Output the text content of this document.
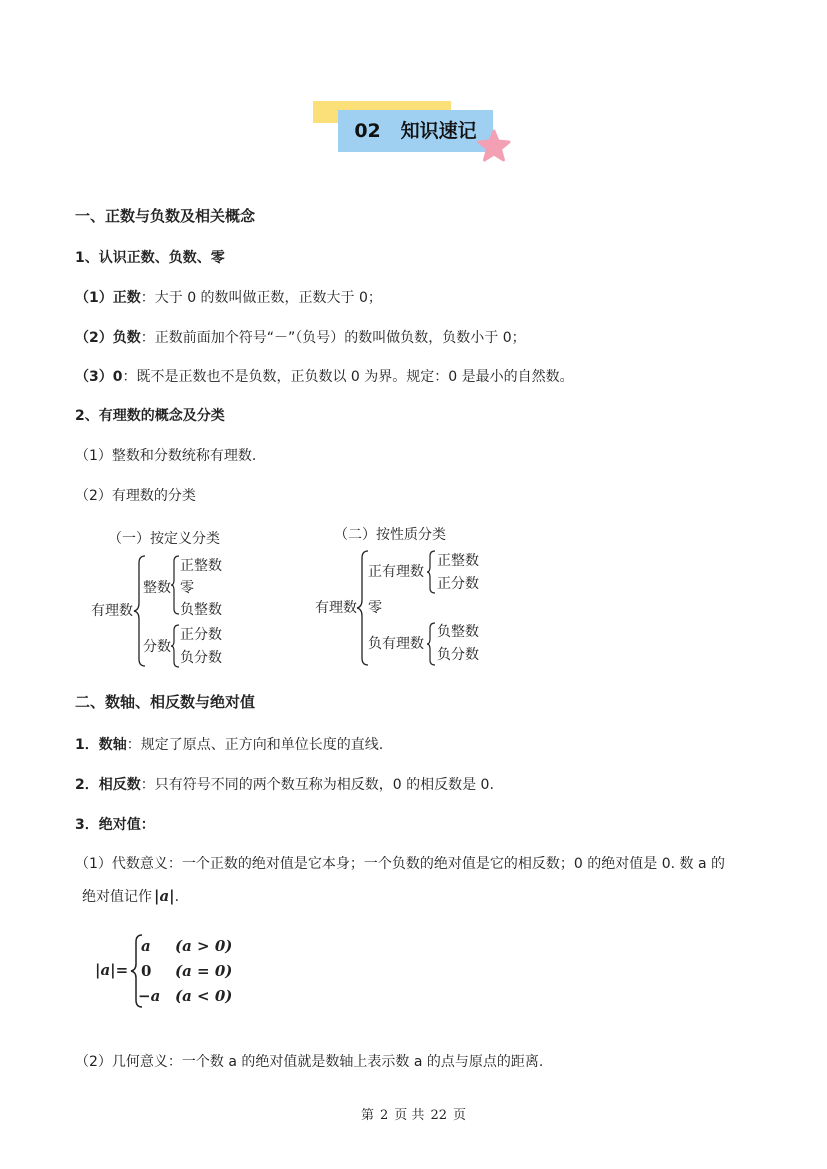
02 知识速记
一、正数与负数及相关概念
1、认识正数、负数、零
（1）正数：大于 0 的数叫做正数，正数大于 0；
（2）负数：正数前面加个符号“－”（负号）的数叫做负数，负数小于 0；
（3）0：既不是正数也不是负数，正负数以 0 为界。规定：0 是最小的自然数。
2、有理数的概念及分类
（1）整数和分数统称有理数.
（2）有理数的分类
（一）按定义分类
有理数
整数
正整数
零
负整数
分数
正分数
负分数
（二）按性质分类
有理数
正有理数
正整数
正分数
零
负有理数
负整数
负分数
二、数轴、相反数与绝对值
1．数轴：规定了原点、正方向和单位长度的直线.
2．相反数：只有符号不同的两个数互称为相反数，0 的相反数是 0.
3．绝对值：
（1）代数意义：一个正数的绝对值是它本身；一个负数的绝对值是它的相反数；0 的绝对值是 0. 数 a 的
绝对值记作 |a|.
|a|=
a (a > 0)
0 (a = 0)
−a (a < 0)
（2）几何意义：一个数 a 的绝对值就是数轴上表示数 a 的点与原点的距离.
第 2 页 共 22 页
